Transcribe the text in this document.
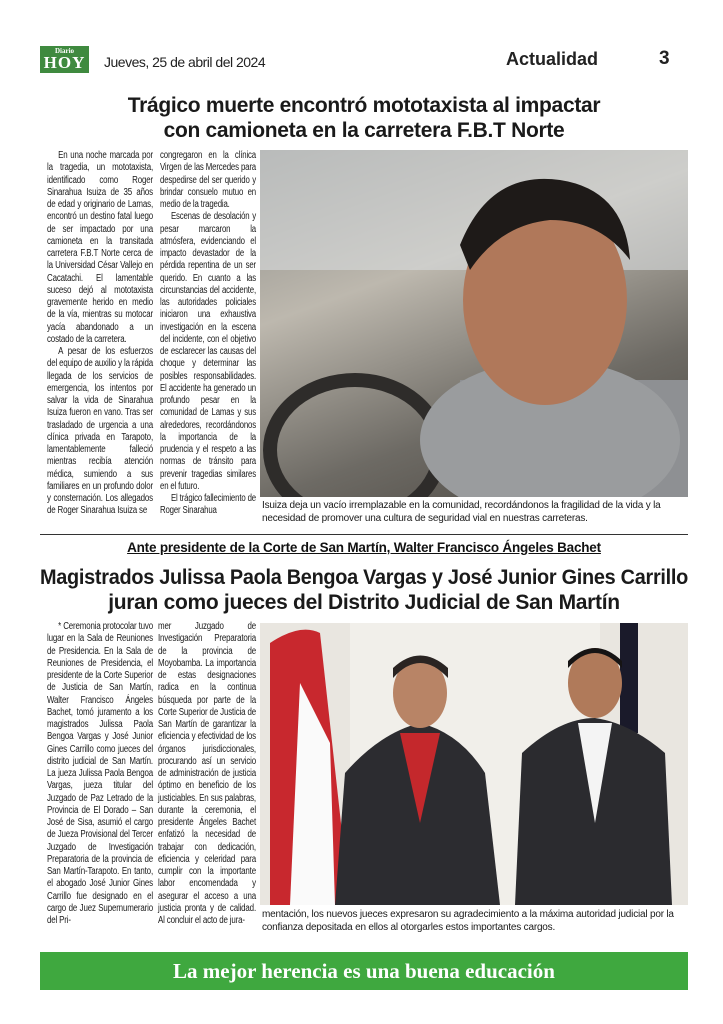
Diario
HOY Jueves, 25 de abril del 2024	Actualidad	3
Trágico muerte encontró mototaxista al impactar
con camioneta en la carretera F.B.T Norte

En una noche marcada por la tragedia, un mototaxista, identificado como Roger Sinarahua Isuiza de 35 años de edad y originario de Lamas, encontró un destino fatal luego de ser impactado por una camioneta en la transitada carretera F.B.T Norte cerca de la Universidad César Vallejo en Cacatachi. El lamentable suceso dejó al mototaxista gravemente herido en medio de la vía, mientras su motocar yacía abandonado a un costado de la carretera.

A pesar de los esfuerzos del equipo de auxilio y la rápida llegada de los servicios de emergencia, los intentos por salvar la vida de Sinarahua Isuiza fueron en vano. Tras ser trasladado de urgencia a una clínica privada en Tarapoto, lamentablemente falleció mientras recibía atención médica, sumiendo a sus familiares en un profundo dolor y consternación. Los allegados de Roger Sinarahua Isuiza se

congregaron en la clínica Virgen de las Mercedes para despedirse del ser querido y brindar consuelo mutuo en medio de la tragedia.

Escenas de desolación y pesar marcaron la atmósfera, evidenciando el impacto devastador de la pérdida repentina de un ser querido. En cuanto a las circunstancias del accidente, las autoridades policiales iniciaron una exhaustiva investigación en la escena del incidente, con el objetivo de esclarecer las causas del choque y determinar las posibles responsabilidades. El accidente ha generado un profundo pesar en la comunidad de Lamas y sus alrededores, recordándonos la importancia de la prudencia y el respeto a las normas de tránsito para prevenir tragedias similares en el futuro.

El trágico fallecimiento de Roger Sinarahua	Isuiza deja un vacío irremplazable en la comunidad, recordándonos la fragilidad de la vida y la necesidad de promover una cultura de seguridad vial en nuestras carreteras.
Ante presidente de la Corte de San Martín, Walter Francisco Ángeles Bachet
Magistrados Julissa Paola Bengoa Vargas y José Junior Gines Carrillo
juran como jueces del Distrito Judicial de San Martín

* Ceremonia protocolar tuvo lugar en la Sala de Reuniones de Presidencia. En la Sala de Reuniones de Presidencia, el presidente de la Corte Superior de Justicia de San Martín, Walter Francisco Ángeles Bachet, tomó juramento a los magistrados Julissa Paola Bengoa Vargas y José Junior Gines Carrillo como jueces del distrito judicial de San Martín. La jueza Julissa Paola Bengoa Vargas, jueza titular del Juzgado de Paz Letrado de la Provincia de El Dorado – San José de Sisa, asumió el cargo de Jueza Provisional del Tercer Juzgado de Investigación Preparatoria de la provincia de San Martín-Tarapoto. En tanto, el abogado José Junior Gines Carrillo fue designado en el cargo de Juez Supernumerario del Pri-

mer Juzgado de Investigación Preparatoria de la provincia de Moyobamba. La importancia de estas designaciones radica en la continua búsqueda por parte de la Corte Superior de Justicia de San Martín de garantizar la eficiencia y efectividad de los órganos jurisdiccionales, procurando así un servicio de administración de justicia óptimo en beneficio de los justiciables. En sus palabras, durante la ceremonia, el presidente Ángeles Bachet enfatizó la necesidad de trabajar con dedicación, eficiencia y celeridad para cumplir con la importante labor encomendada y asegurar el acceso a una justicia pronta y de calidad. Al concluir el acto de jura-

mentación, los nuevos jueces expresaron su agradecimiento a la máxima autoridad judicial por la confianza depositada en ellos al otorgarles estos importantes cargos.
La mejor herencia es una buena educación
